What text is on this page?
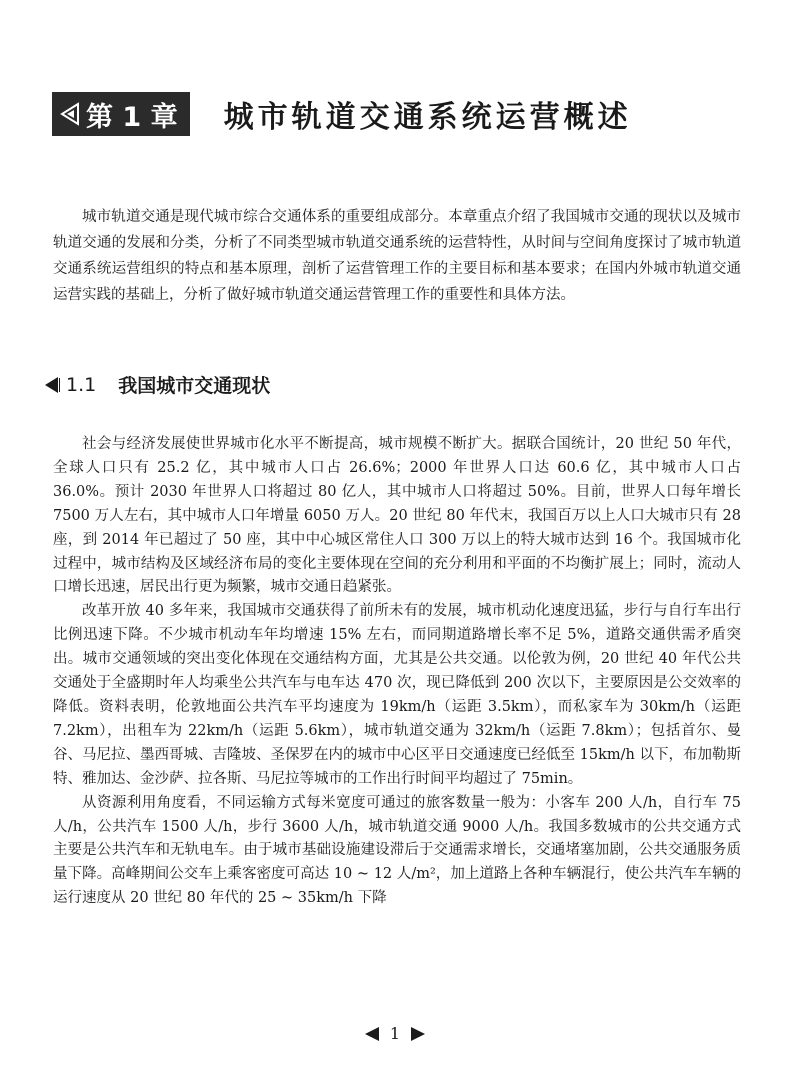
第 1 章 城市轨道交通系统运营概述

城市轨道交通是现代城市综合交通体系的重要组成部分。本章重点介绍了我国城市交通的现状以及城市轨道交通的发展和分类，分析了不同类型城市轨道交通系统的运营特性，从时间与空间角度探讨了城市轨道交通系统运营组织的特点和基本原理，剖析了运营管理工作的主要目标和基本要求；在国内外城市轨道交通运营实践的基础上，分析了做好城市轨道交通运营管理工作的重要性和具体方法。

1.1 我国城市交通现状

社会与经济发展使世界城市化水平不断提高，城市规模不断扩大。据联合国统计，20 世纪 50 年代，全球人口只有 25.2 亿，其中城市人口占 26.6%；2000 年世界人口达 60.6 亿，其中城市人口占 36.0%。预计 2030 年世界人口将超过 80 亿人，其中城市人口将超过 50%。目前，世界人口每年增长 7500 万人左右，其中城市人口年增量 6050 万人。20 世纪 80 年代末，我国百万以上人口大城市只有 28 座，到 2014 年已超过了 50 座，其中中心城区常住人口 300 万以上的特大城市达到 16 个。我国城市化过程中，城市结构及区域经济布局的变化主要体现在空间的充分利用和平面的不均衡扩展上；同时，流动人口增长迅速，居民出行更为频繁，城市交通日趋紧张。

改革开放 40 多年来，我国城市交通获得了前所未有的发展，城市机动化速度迅猛，步行与自行车出行比例迅速下降。不少城市机动车年均增速 15% 左右，而同期道路增长率不足 5%，道路交通供需矛盾突出。城市交通领域的突出变化体现在交通结构方面，尤其是公共交通。以伦敦为例，20 世纪 40 年代公共交通处于全盛期时年人均乘坐公共汽车与电车达 470 次，现已降低到 200 次以下，主要原因是公交效率的降低。资料表明，伦敦地面公共汽车平均速度为 19km/h（运距 3.5km），而私家车为 30km/h（运距 7.2km），出租车为 22km/h（运距 5.6km），城市轨道交通为 32km/h（运距 7.8km）；包括首尔、曼谷、马尼拉、墨西哥城、吉隆坡、圣保罗在内的城市中心区平日交通速度已经低至 15km/h 以下，布加勒斯特、雅加达、金沙萨、拉各斯、马尼拉等城市的工作出行时间平均超过了 75min。

从资源利用角度看，不同运输方式每米宽度可通过的旅客数量一般为：小客车 200 人/h，自行车 75 人/h，公共汽车 1500 人/h，步行 3600 人/h，城市轨道交通 9000 人/h。我国多数城市的公共交通方式主要是公共汽车和无轨电车。由于城市基础设施建设滞后于交通需求增长，交通堵塞加剧，公共交通服务质量下降。高峰期间公交车上乘客密度可高达 10 ~ 12 人/m²，加上道路上各种车辆混行，使公共汽车车辆的运行速度从 20 世纪 80 年代的 25 ~ 35km/h 下降

1
